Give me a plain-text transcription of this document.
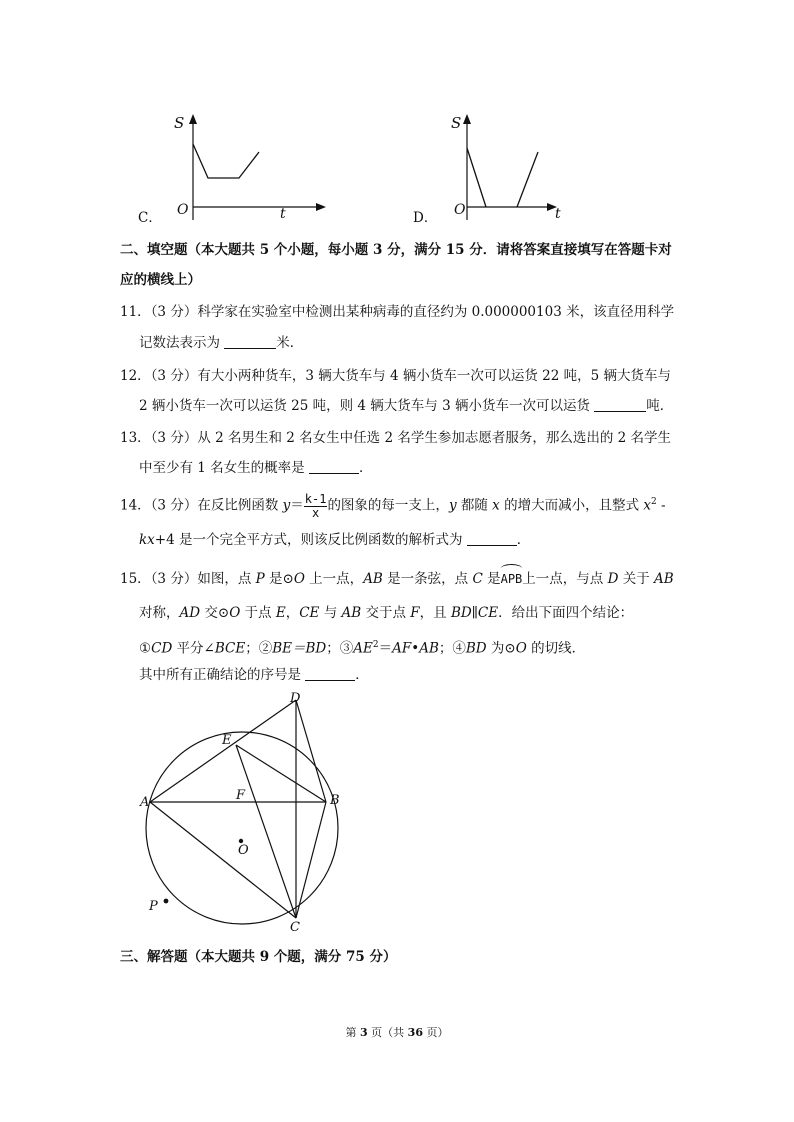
C．
S
t
O	D．
S
t
O
二、填空题（本大题共 5 个小题，每小题 3 分，满分 15 分．请将答案直接填写在答题卡对
应的横线上）
11．（3 分）科学家在实验室中检测出某种病毒的直径约为 0.000000103 米，该直径用科学
记数法表示为	米．
12．（3 分）有大小两种货车，3 辆大货车与 4 辆小货车一次可以运货 22 吨，5 辆大货车与
2 辆小货车一次可以运货 25 吨，则 4 辆大货车与 3 辆小货车一次可以运货	吨．
13．（3 分）从 2 名男生和 2 名女生中任选 2 名学生参加志愿者服务，那么选出的 2 名学生
中至少有 1 名女生的概率是	．
14．（3 分）在反比例函数 $y= \frac{k-1}{x}$ 的图象的每一支上，y 都随 x 的增大而减小，且整式 $x^2$ -
kx+4 是一个完全平方式，则该反比例函数的解析式为	．
15．（3 分）如图，点 P 是⊙O 上一点，AB 是一条弦，点 C 是APB上一点，与点 D 关于 AB
对称，AD 交⊙O 于点 E，CE 与 AB 交于点 F，且 BD∥CE．给出下面四个结论：
①CD 平分∠BCE；②BE＝BD；$③AE^2=AF•AB$；④BD 为⊙O 的切线．
其中所有正确结论的序号是	．
D
E
A	F	B
O
P
C
三、解答题（本大题共 9 个题，满分 75 分）
第 3 页（共 36 页）
